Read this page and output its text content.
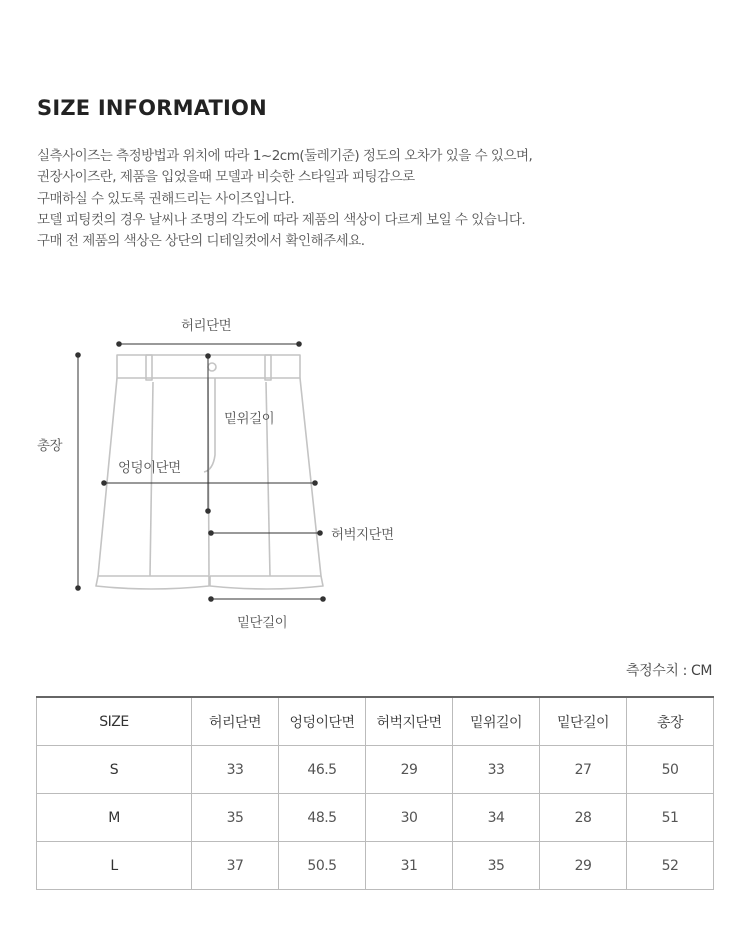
SIZE INFORMATION
실측사이즈는 측정방법과 위치에 따라 1~2cm(둘레기준) 정도의 오차가 있을 수 있으며,
권장사이즈란, 제품을 입었을때 모델과 비슷한 스타일과 피팅감으로
구매하실 수 있도록 권해드리는 사이즈입니다.
모델 피팅컷의 경우 날씨나 조명의 각도에 따라 제품의 색상이 다르게 보일 수 있습니다.
구매 전 제품의 색상은 상단의 디테일컷에서 확인해주세요.
허리단면
총장
밑위길이
엉덩이단면
허벅지단면
밑단길이
측정수치 : CM
SIZE	허리단면	엉덩이단면	허벅지단면	밑위길이	밑단길이	총장
S	33	46.5	29	33	27	50
M	35	48.5	30	34	28	51
L	37	50.5	31	35	29	52
